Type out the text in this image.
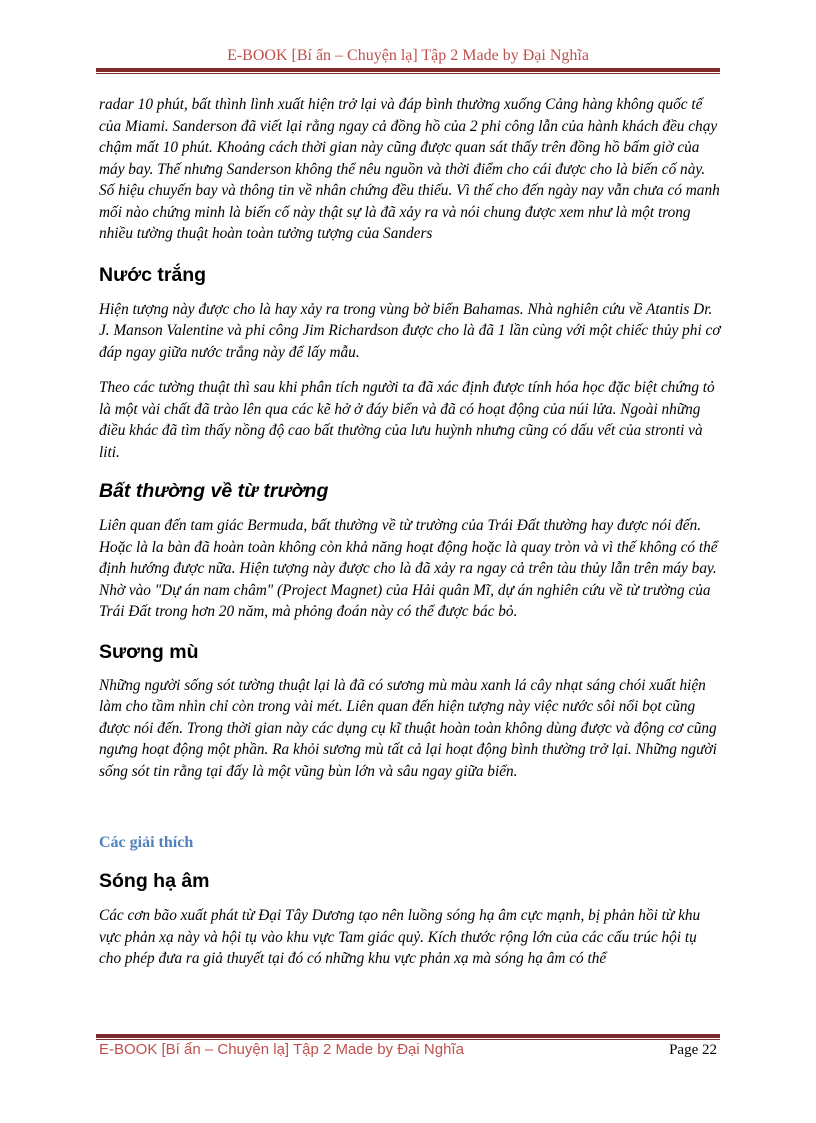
E-BOOK [Bí ẩn – Chuyện lạ] Tập 2 Made by Đại Nghĩa

radar 10 phút, bất thình lình xuất hiện trở lại và đáp bình thường xuống Cảng hàng không quốc tế của Miami. Sanderson đã viết lại rằng ngay cả đồng hồ của 2 phi công lẫn của hành khách đều chạy chậm mất 10 phút. Khoảng cách thời gian này cũng được quan sát thấy trên đồng hồ bấm giờ của máy bay. Thế nhưng Sanderson không thể nêu nguồn và thời điểm cho cái được cho là biến cố này. Số hiệu chuyến bay và thông tin về nhân chứng đều thiếu. Vì thế cho đến ngày nay vẫn chưa có manh mối nào chứng minh là biến cố này thật sự là đã xảy ra và nói chung được xem như là một trong nhiều tường thuật hoàn toàn tưởng tượng của Sanders

Nước trắng

Hiện tượng này được cho là hay xảy ra trong vùng bờ biển Bahamas. Nhà nghiên cứu về Atantis Dr. J. Manson Valentine và phi công Jim Richardson được cho là đã 1 lần cùng với một chiếc thủy phi cơ đáp ngay giữa nước trắng này để lấy mẫu.

Theo các tường thuật thì sau khi phân tích người ta đã xác định được tính hóa học đặc biệt chứng tỏ là một vài chất đã trào lên qua các kẽ hở ở đáy biển và đã có hoạt động của núi lửa. Ngoài những điều khác đã tìm thấy nồng độ cao bất thường của lưu huỳnh nhưng cũng có dấu vết của stronti và liti.

Bất thường về từ trường

Liên quan đến tam giác Bermuda, bất thường về từ trường của Trái Đất thường hay được nói đến. Hoặc là la bàn đã hoàn toàn không còn khả năng hoạt động hoặc là quay tròn và vì thế không có thể định hướng được nữa. Hiện tượng này được cho là đã xảy ra ngay cả trên tàu thủy lẫn trên máy bay. Nhờ vào "Dự án nam châm" (Project Magnet) của Hải quân Mĩ, dự án nghiên cứu về từ trường của Trái Đất trong hơn 20 năm, mà phỏng đoán này có thể được bác bỏ.

Sương mù

Những người sống sót tường thuật lại là đã có sương mù màu xanh lá cây nhạt sáng chói xuất hiện làm cho tầm nhìn chỉ còn trong vài mét. Liên quan đến hiện tượng này việc nước sôi nổi bọt cũng được nói đến. Trong thời gian này các dụng cụ kĩ thuật hoàn toàn không dùng được và động cơ cũng ngưng hoạt động một phần. Ra khỏi sương mù tất cả lại hoạt động bình thường trở lại. Những người sống sót tin rằng tại đấy là một vũng bùn lớn và sâu ngay giữa biển.

Các giải thích
Sóng hạ âm

Các cơn bão xuất phát từ Đại Tây Dương tạo nên luồng sóng hạ âm cực mạnh, bị phản hồi từ khu vực phản xạ này và hội tụ vào khu vực Tam giác quỷ. Kích thước rộng lớn của các cấu trúc hội tụ cho phép đưa ra giả thuyết tại đó có những khu vực phản xạ mà sóng hạ âm có thể

E-BOOK [Bí ẩn – Chuyện lạ] Tập 2 Made by Đại Nghĩa	Page 22
